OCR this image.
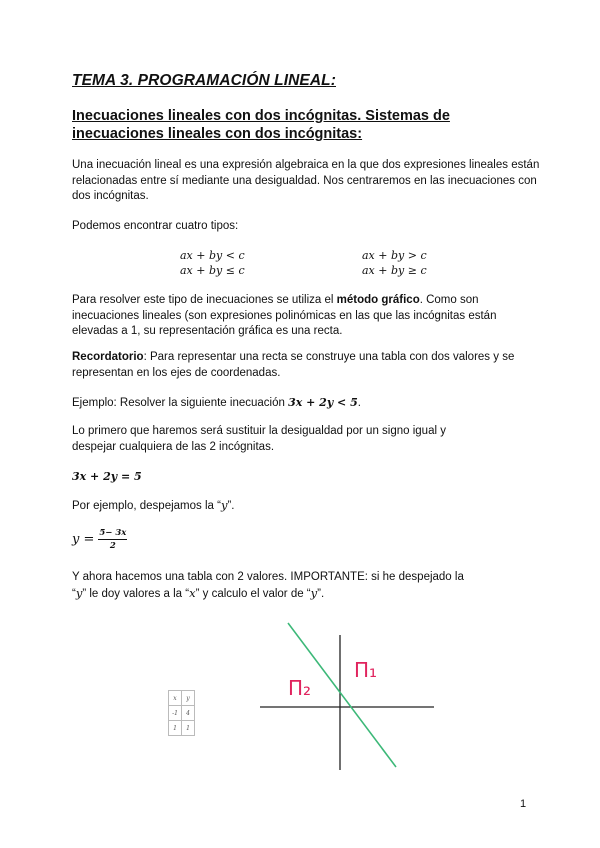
TEMA 3. PROGRAMACIÓN LINEAL:
Inecuaciones lineales con dos incógnitas. Sistemas de
inecuaciones lineales con dos incógnitas:
Una inecuación lineal es una expresión algebraica en la que dos expresiones lineales están
relacionadas entre sí mediante una desigualdad. Nos centraremos en las inecuaciones con
dos incógnitas.
Podemos encontrar cuatro tipos:
ax + by < c	ax + by > c
ax + by ≤ c	ax + by ≥ c
Para resolver este tipo de inecuaciones se utiliza el método gráfico. Como son
inecuaciones lineales (son expresiones polinómicas en las que las incógnitas están
elevadas a 1, su representación gráfica es una recta.
Recordatorio: Para representar una recta se construye una tabla con dos valores y se
representan en los ejes de coordenadas.
Ejemplo: Resolver la siguiente inecuación 3x + 2y < 5.
Lo primero que haremos será sustituir la desigualdad por un signo igual y
despejar cualquiera de las 2 incógnitas.
3x + 2y = 5
Por ejemplo, despejamos la “y”.
$y = \frac{5- 3x}{2}$
Y ahora hacemos una tabla con 2 valores. IMPORTANTE: si he despejado la
“y” le doy valores a la “x” y calculo el valor de “y”.
x	y
-1	4
1	1
Π₂
Π₁
1
